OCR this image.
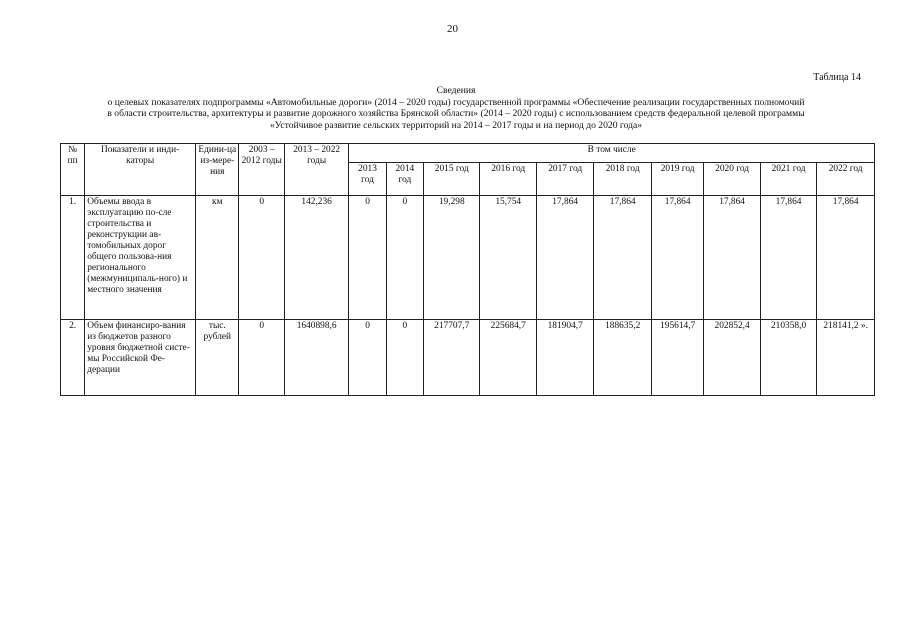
20
Таблица 14
Сведения
о целевых показателях подпрограммы «Автомобильные дороги» (2014 – 2020 годы) государственной программы «Обеспечение реализации государственных полномочий
в области строительства, архитектуры и развитие дорожного хозяйства Брянской области» (2014 – 2020 годы) с использованием средств федеральной целевой программы
«Устойчивое развитие сельских территорий на 2014 – 2017 годы и на период до 2020 года»
№ пп	Показатели и инди-каторы	Едини-ца из-мере-ния	2003 – 2012 годы	2013 – 2022 годы	В том числе									
					2013 год	2014 год	2015 год	2016 год	2017 год	2018 год	2019 год	2020 год	2021 год	2022 год
1.	Объемы ввода в эксплуатацию по-сле строительства и реконструкции ав-томобильных дорог общего пользова-ния регионального (межмуниципаль-ного) и местного значения	км	0	142,236	0	0	19,298	15,754	17,864	17,864	17,864	17,864	17,864	17,864
2.	Объем финансиро-вания из бюджетов разного уровня бюджетной систе-мы Российской Фе-дерации	тыс. рублей	0	1640898,6	0	0	217707,7	225684,7	181904,7	188635,2	195614,7	202852,4	210358,0	218141,2 ».
